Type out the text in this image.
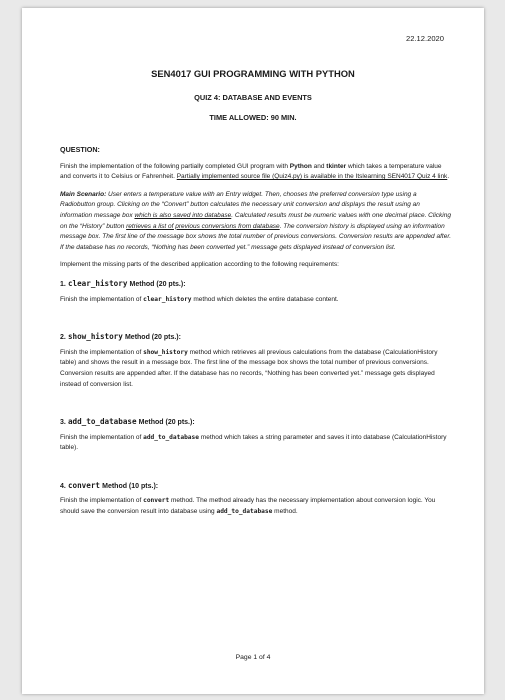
22.12.2020
SEN4017 GUI PROGRAMMING WITH PYTHON
QUIZ 4: DATABASE AND EVENTS
TIME ALLOWED: 90 MIN.
QUESTION:

Finish the implementation of the following partially completed GUI program with Python and tkinter which takes a temperature value and converts it to Celsius or Fahrenheit. Partially implemented source file (Quiz4.py) is available in the Itslearning SEN4017 Quiz 4 link.

Main Scenario: User enters a temperature value with an Entry widget. Then, chooses the preferred conversion type using a Radiobutton group. Clicking on the “Convert” button calculates the necessary unit conversion and displays the result using an information message box which is also saved into database. Calculated results must be numeric values with one decimal place. Clicking on the “History” button retrieves a list of previous conversions from database. The conversion history is displayed using an information message box. The first line of the message box shows the total number of previous conversions. Conversion results are appended after. If the database has no records, “Nothing has been converted yet.” message gets displayed instead of conversion list.

Implement the missing parts of the described application according to the following requirements:

1. clear_history Method (20 pts.):

Finish the implementation of clear_history method which deletes the entire database content.

2. show_history Method (20 pts.):

Finish the implementation of show_history method which retrieves all previous calculations from the database (CalculationHistory table) and shows the result in a message box. The first line of the message box shows the total number of previous conversions. Conversion results are appended after. If the database has no records, “Nothing has been converted yet.” message gets displayed instead of conversion list.

3. add_to_database Method (20 pts.):

Finish the implementation of add_to_database method which takes a string parameter and saves it into database (CalculationHistory table).

4. convert Method (10 pts.):

Finish the implementation of convert method. The method already has the necessary implementation about conversion logic. You should save the conversion result into database using add_to_database method.

Page 1 of 4
